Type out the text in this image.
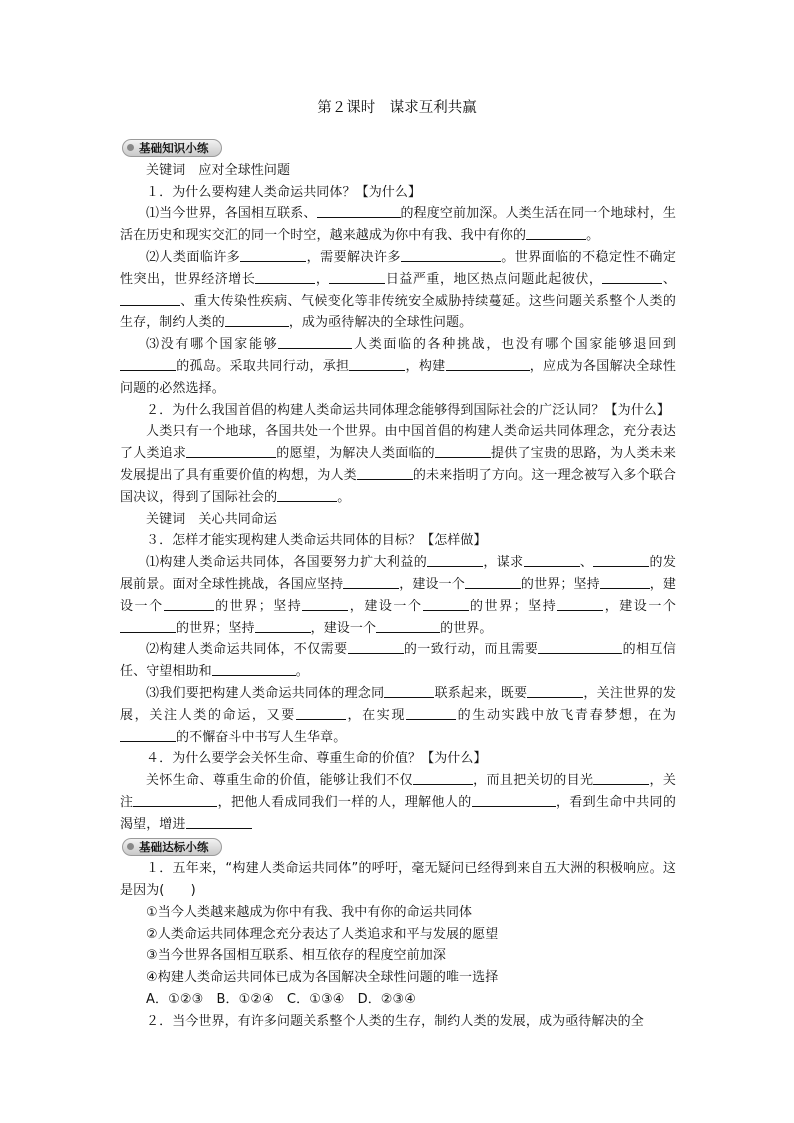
第２课时　谋求互利共赢
基础知识小练

关键词　应对全球性问题

１．为什么要构建人类命运共同体？【为什么】

⑴当今世界，各国相互联系、	的程度空前加深。人类生活在同一个地球村，生活在历史和现实交汇的同一个时空，越来越成为你中有我、我中有你的	。

⑵人类面临许多	，需要解决许多	。世界面临的不稳定性不确定性突出，世界经济增长	，	日益严重，地区热点问题此起彼伏，	、、重大传染性疾病、气候变化等非传统安全威胁持续蔓延。这些问题关系整个人类的生存，制约人类的	，成为亟待解决的全球性问题。

⑶没有哪个国家能够	人类面临的各种挑战，也没有哪个国家能够退回到的孤岛。采取共同行动，承担	，构建	，应成为各国解决全球性问题的必然选择。

２．为什么我国首倡的构建人类命运共同体理念能够得到国际社会的广泛认同？【为什么】

人类只有一个地球，各国共处一个世界。由中国首倡的构建人类命运共同体理念，充分表达了人类追求	的愿望，为解决人类面临的	提供了宝贵的思路，为人类未来发展提出了具有重要价值的构想，为人类	的未来指明了方向。这一理念被写入多个联合国决议，得到了国际社会的	。

关键词　关心共同命运

３．怎样才能实现构建人类命运共同体的目标？【怎样做】

⑴构建人类命运共同体，各国要努力扩大利益的	，谋求	、	的发展前景。面对全球性挑战，各国应坚持	，建设一个	的世界；坚持	，建设一个	的世界；坚持	，建设一个	的世界；坚持	，建设一个的世界；坚持	，建设一个	的世界。

⑵构建人类命运共同体，不仅需要	的一致行动，而且需要	的相互信任、守望相助和	。

⑶我们要把构建人类命运共同体的理念同	联系起来，既要	，关注世界的发展，关注人类的命运，又要	，在实现	的生动实践中放飞青春梦想，在为的不懈奋斗中书写人生华章。

４．为什么要学会关怀生命、尊重生命的价值？【为什么】

关怀生命、尊重生命的价值，能够让我们不仅	，而且把关切的目光	，关注	，把他人看成同我们一样的人，理解他人的	，看到生命中共同的渴望，增进

基础达标小练

１．五年来，“构建人类命运共同体”的呼吁，毫无疑问已经得到来自五大洲的积极响应。这是因为(　　)

①当今人类越来越成为你中有我、我中有你的命运共同体

②人类命运共同体理念充分表达了人类追求和平与发展的愿望

③当今世界各国相互联系、相互依存的程度空前加深

④构建人类命运共同体已成为各国解决全球性问题的唯一选择

A．①②③　B．①②④　C．①③④　D．②③④

２．当今世界，有许多问题关系整个人类的生存，制约人类的发展，成为亟待解决的全
